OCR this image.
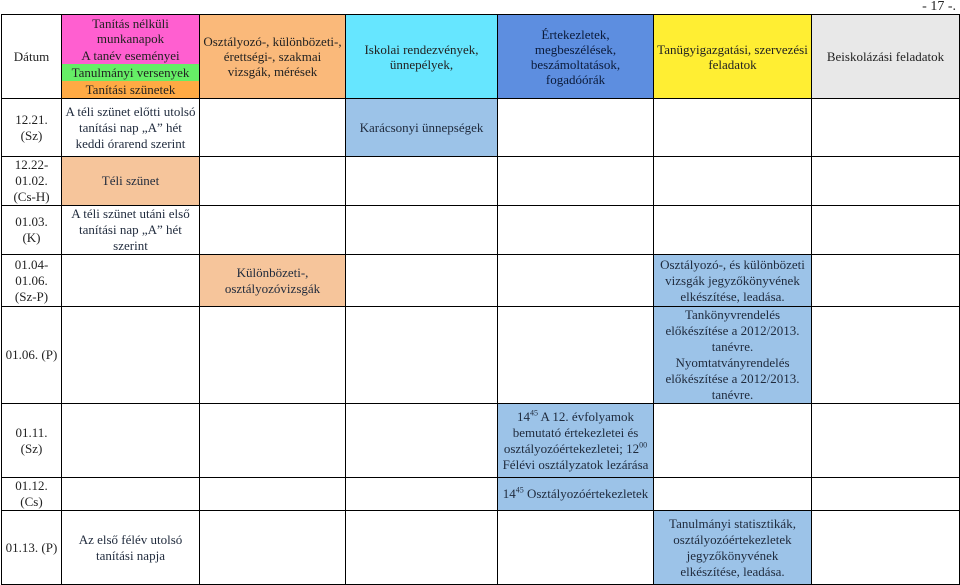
- 17 -.
Dátum	Tanítás nélküli munkanapok
A tanév eseményei
Tanulmányi versenyek
Tanítási szünetek	Osztályozó-, különbözeti-, érettségi-, szakmai vizsgák, mérések	Iskolai rendezvények, ünnepélyek,	Értekezletek, megbeszélések, beszámoltatások, fogadóórák	Tanügyigazgatási, szervezési feladatok	Beiskolázási feladatok
12.21. (Sz)	A téli szünet előtti utolsó tanítási nap „A” hét keddi órarend szerint		Karácsonyi ünnepségek			
12.22- 01.02. (Cs-H)	Téli szünet					
01.03. (K)	A téli szünet utáni első tanítási nap „A” hét szerint					
01.04- 01.06. (Sz-P)		Különbözeti-, osztályozóvizsgák			Osztályozó-, és különbözeti vizsgák jegyzőkönyvének elkészítése, leadása.	
01.06. (P)					Tankönyvrendelés előkészítése a 2012/2013. tanévre. Nyomtatványrendelés előkészítése a 2012/2013. tanévre.	
01.11. (Sz)				$14^{45}$ A 12. évfolyamok bemutató értekezletei és osztályozóértekezletei; $12^{00}$ Félévi osztályzatok lezárása		
01.12. (Cs)				$14^{45}$ Osztályozóértekezletek		
01.13. (P)	Az első félév utolsó tanítási napja				Tanulmányi statisztikák, osztályozóértekezletek jegyzőkönyvének elkészítése, leadása.	
